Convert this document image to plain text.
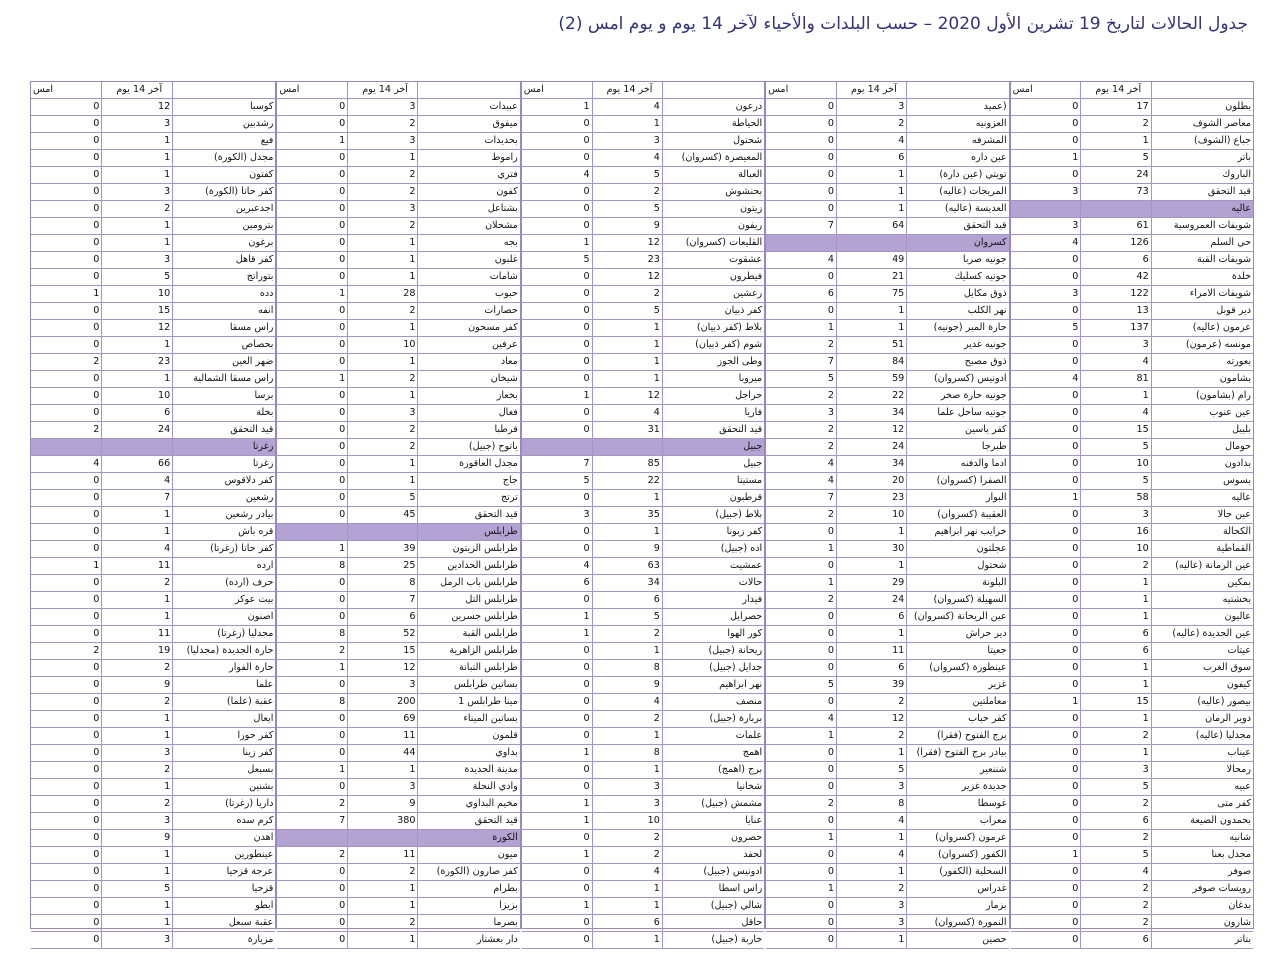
جدول الحالات لتاريخ 19 تشرين الأول 2020 – حسب البلدات والأحياء لآخر 14 يوم و يوم امس (2)
امس	آخر 14 يوم	
0	12	كوسبا
0	3	رشدبين
0	1	فيع
0	1	مجدل (الكورة)
0	1	كفتون
0	3	كفر حاتا (الكورة)
0	2	اجدعبرين
0	1	بترومين
0	1	برغون
0	3	كفر قاهل
0	5	بتوراتج
1	10	دده
0	15	انفه
0	12	راس مسقا
0	1	بحصاص
2	23	ضهر العين
0	1	راس مسقا الشمالية
0	10	برسا
0	6	بخلة
2	24	قيد التحقق
		زغرتا
4	66	زغرتا
0	4	كفر دلاقوس
0	7	رشعين
0	1	بيادر رشعين
0	1	قره باش
0	4	كفر حاتا (زغرتا)
1	11	ارده
0	2	حرف (ارده)
0	1	بيت عوكر
0	1	اصنون
0	11	مجدليا (زغرتا)
2	19	حارة الجديدة (مجدليا)
0	2	حارة الفوار
0	9	علما
0	2	عقبة (علما)
0	1	ايعال
0	1	كفر حورا
0	3	كفر زينا
0	2	بسبعل
0	1	بشنين
0	2	داريا (زغرتا)
0	3	كرم سده
0	9	اهدن
0	1	عينطورين
0	1	عرجة قزحيا
0	5	قزحيا
0	1	ابطو
0	1	عقبة سبعل
0	3	مزيارة
امس	آخر 14 يوم	
0	3	عبيدات
0	2	ميفوق
1	3	بحديدات
0	1	راموط
0	2	فتري
0	2	كفون
0	3	بشتاعل
0	2	مشحلان
0	1	بجه
0	1	غلبون
0	1	شامات
1	28	حبوب
0	2	حصارات
0	1	كفر مسحون
0	10	عرفين
0	1	معاد
1	2	شيخان
0	1	بخعاز
0	3	فغال
0	2	قرطبا
0	2	ياتوح (جبيل)
0	1	مجدل العاقورة
0	1	جاج
0	5	ترتج
0	45	قيد التحقق
		طرابلس
1	39	طرابلس الزيتون
8	25	طرابلس الحدادين
0	8	طرابلس باب الرمل
0	7	طرابلس التل
0	6	طرابلس جسرين
8	52	طرابلس القبة
2	15	طرابلس الزاهرية
1	12	طرابلس التبانة
0	3	بساتين طرابلس
8	200	مينا طرابلس 1
0	69	بساتين الميناء
0	11	قلمون
0	44	بداوي
1	1	مدينة الجديدة
0	3	وادي النحلة
2	9	مخيم البداوي
7	380	قيد التحقق
		الكورة
2	11	ميون
0	2	كفر صارون (الكورة)
0	1	بطرام
0	1	بزيزا
0	2	بصرما
0	1	دار بعشتار
امس	آخر 14 يوم	
1	4	درعون
0	1	الحياطة
0	3	شحتول
0	4	المعيصرة (كسروان)
4	5	العبالة
0	2	بحنشوش
0	5	زيتون
0	9	ريفون
1	12	القليعات (كسروان)
5	23	عشقوت
0	12	فيطرون
0	2	رعشين
0	5	كفر ذبيان
0	1	بلاط (كفر ذبيان)
0	1	شوم (كفر ذبيان)
0	1	وطى الجوز
0	1	ميروبا
1	12	حراجل
0	4	فاريا
0	31	قيد التحقق
		جبيل
7	85	جبيل
5	22	مستيتا
0	1	قرطبون
3	35	بلاط (جبيل)
0	1	كفر زبونا
0	9	اده (جبيل)
4	63	عمشيت
6	34	حالات
0	6	فيدار
1	5	حصرايل
1	2	كور الهوا
0	1	ريحانة (جبيل)
0	8	جدايل (جبيل)
0	9	نهر ابراهيم
0	4	منصف
0	2	بربارة (جبيل)
0	1	علمات
1	8	اهمج
0	1	برج (اهمج)
0	3	شخانيا
1	3	مشمش (جبيل)
1	10	عنايا
0	2	حصرون
1	2	لحفد
0	4	ادونيس (جبيل)
0	1	راس اسطا
1	1	شالي (جبيل)
0	6	حاقل
0	1	خاربة (جبيل)
امس	آخر 14 يوم	
0	3	(عميد
0	2	العزونيه
0	4	المشرفه
0	6	عين داره
0	1	تويتي (عين دارة)
0	1	المريجات (عاليه)
0	1	العديسة (عاليه)
7	64	قيد التحقق
		كسروان
4	49	جونيه صربا
0	21	جونيه كسليك
6	75	ذوق مكايل
0	1	نهر الكلب
1	1	حارة المير (جونيه)
2	51	جونيه غدير
7	84	ذوق مصبح
5	59	ادونيس (كسروان)
2	22	جونيه حارة صخر
3	34	جونيه ساحل علما
2	12	كفر ياسين
2	24	طبرجا
4	34	ادما والدفنه
4	20	الصفرا (كسروان)
7	23	البوار
2	10	العقيبة (كسروان)
0	1	خرايب نهر ابراهيم
1	30	عجلتون
0	1	شحتول
1	29	البلونة
2	24	السهيلة (كسروان)
0	6	عين الريحانة (كسروان)
0	1	دير حراش
0	11	جعيتا
0	6	عينطورة (كسروان)
5	39	غزير
0	2	معاملتين
4	12	كفر حباب
1	2	برج الفتوح (فقرا)
0	1	بيادر برج الفتوح (فقرا)
0	5	شننعير
0	3	جديدة غزير
2	8	غوسطا
0	4	معراب
1	1	عرمون (كسروان)
0	4	الكفور (كسروان)
0	1	السحلية (الكفور)
1	2	غدراس
0	3	بزمار
0	3	النمورة (كسروان)
0	1	حصين
امس	آخر 14 يوم	
0	17	بطلون
0	2	معاصر الشوف
0	1	جباع (الشوف)
1	5	باتر
0	24	الباروك
3	73	قيد التحقق
		عاليه
3	61	شويفات العمروسية
4	126	حي السلم
0	6	شويفات القبة
0	42	خلدة
3	122	شويفات الامراء
0	13	دير قوبل
5	137	عرمون (عاليه)
0	3	مونسه (عرمون)
0	4	بعورته
4	81	بشامون
0	1	رام (بشامون)
0	4	عين عنوب
0	15	بليبل
0	5	حومال
0	10	بدادون
0	5	بسوس
1	58	عاليه
0	3	عين حالا
0	16	الكحالة
0	10	القماطية
0	2	عين الرمانة (عاليه)
0	1	بمكين
0	1	بخشتيه
0	1	عاليون
0	6	عين الجديدة (عاليه)
0	6	عيتات
0	1	سوق الغرب
0	1	كيفون
1	15	بيصور (عاليه)
0	1	دوير الرمان
0	2	مجدليا (عاليه)
0	1	عيناب
0	3	رمحالا
0	5	عبيه
0	2	كفر متى
0	6	بحمدون الضيعة
0	2	شانيه
1	5	مجدل بعنا
0	4	صوفر
0	2	رويسات صوفر
0	2	بدغان
0	2	شارون
0	6	بتاتر
